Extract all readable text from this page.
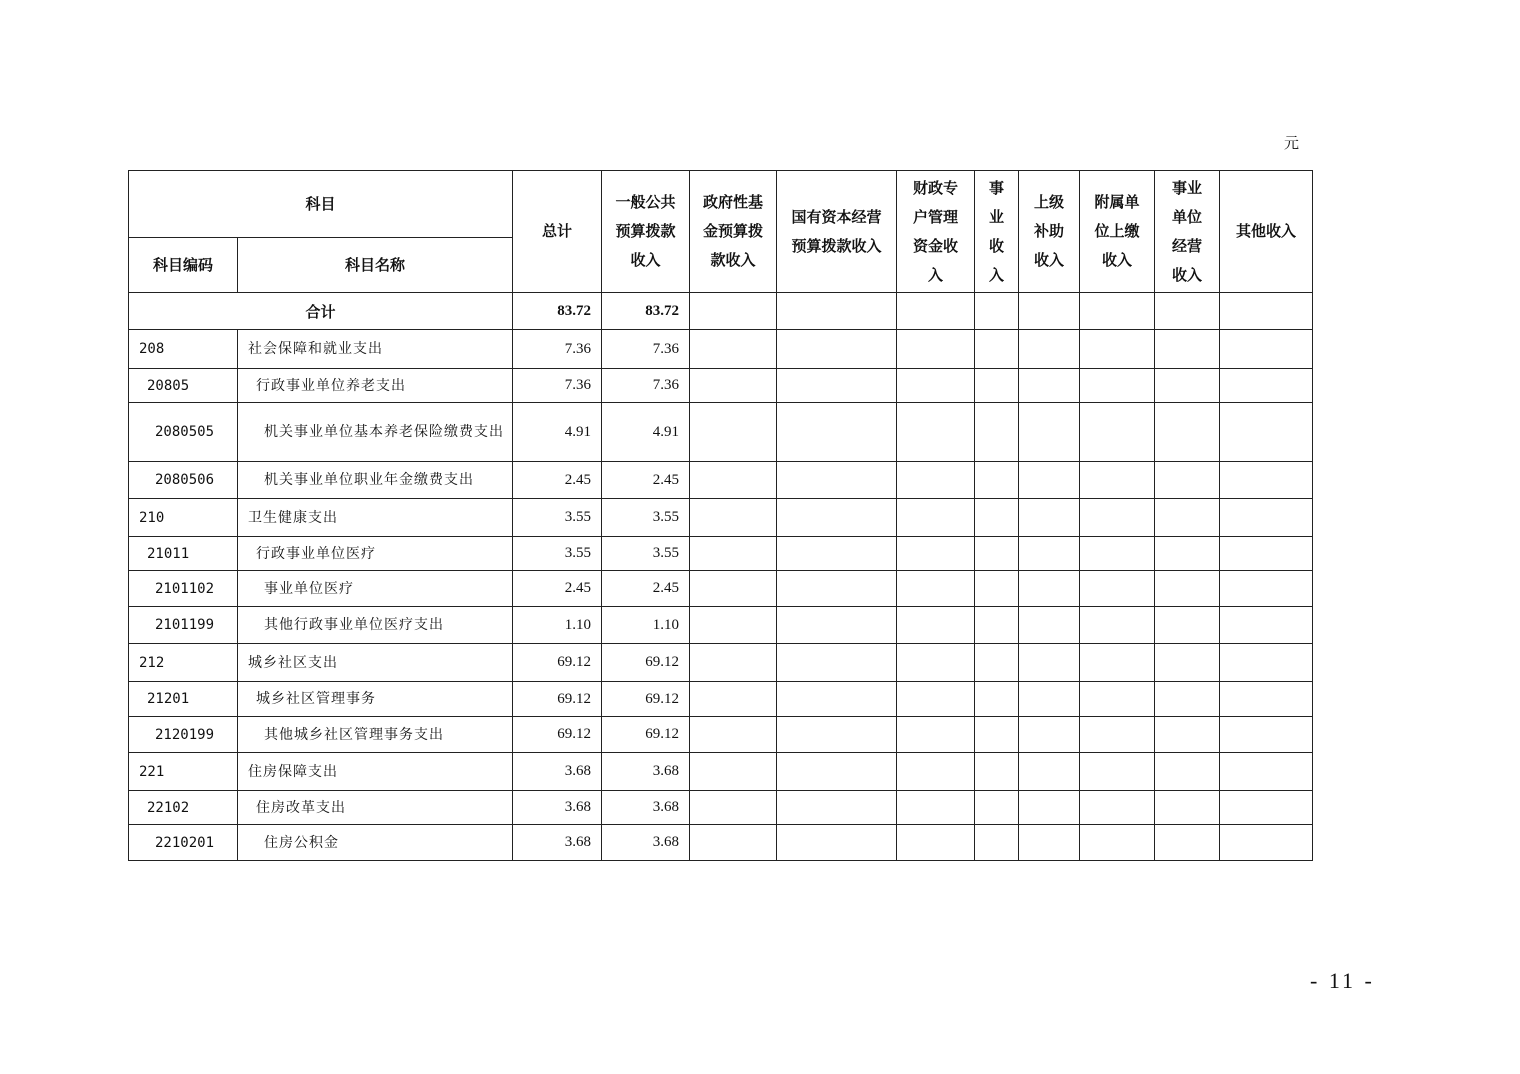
元
科目		总计	一般公共预算拨款收入	政府性基金预算拨款收入	国有资本经营预算拨款收入	财政专户管理资金收入	事业收入	上级补助收入	附属单位上缴收入	事业单位经营收入	其他收入
科目编码	科目名称										
合计		83.72	83.72								
208	社会保障和就业支出	7.36	7.36								
20805	行政事业单位养老支出	7.36	7.36								
2080505	机关事业单位基本养老保险缴费支出	4.91	4.91								
2080506	机关事业单位职业年金缴费支出	2.45	2.45								
210	卫生健康支出	3.55	3.55								
21011	行政事业单位医疗	3.55	3.55								
2101102	事业单位医疗	2.45	2.45								
2101199	其他行政事业单位医疗支出	1.10	1.10								
212	城乡社区支出	69.12	69.12								
21201	城乡社区管理事务	69.12	69.12								
2120199	其他城乡社区管理事务支出	69.12	69.12								
221	住房保障支出	3.68	3.68								
22102	住房改革支出	3.68	3.68								
2210201	住房公积金	3.68	3.68								
- 11 -
